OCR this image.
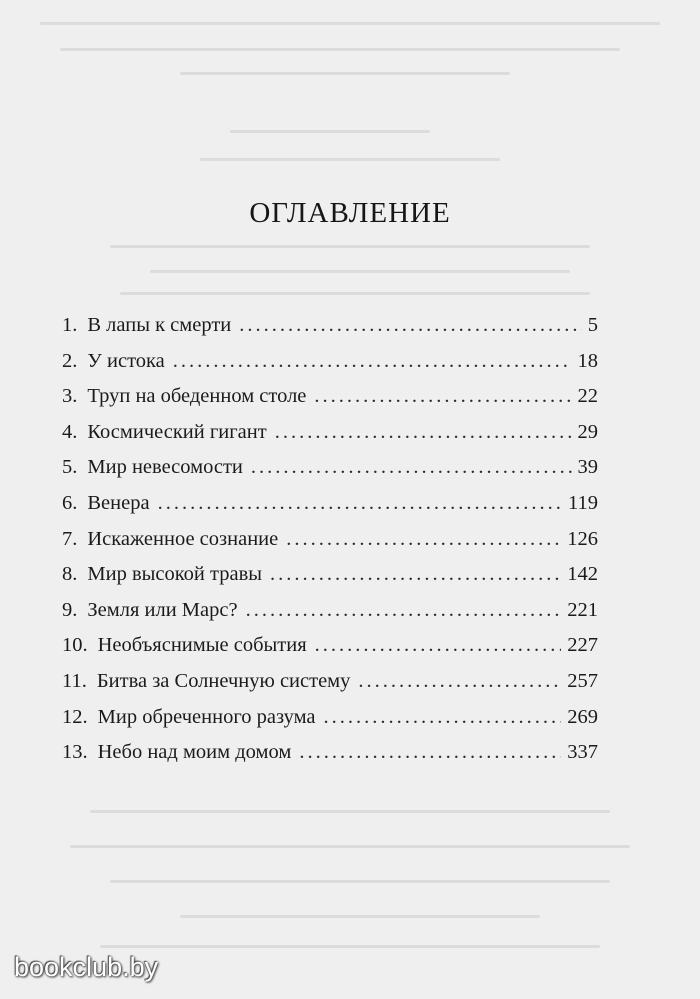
ОГЛАВЛЕНИЕ
1. В лапы к смерти .....	5
2. У истока .....	18
3. Труп на обеденном столе .....	22
4. Космический гигант .....	29
5. Мир невесомости .....	39
6. Венера .....	119
7. Искаженное сознание .....	126
8. Мир высокой травы .....	142
9. Земля или Марс? .....	221
10. Необъяснимые события .....	227
11. Битва за Солнечную систему .....	257
12. Мир обреченного разума .....	269
13. Небо над моим домом .....	337
bookclub.by
